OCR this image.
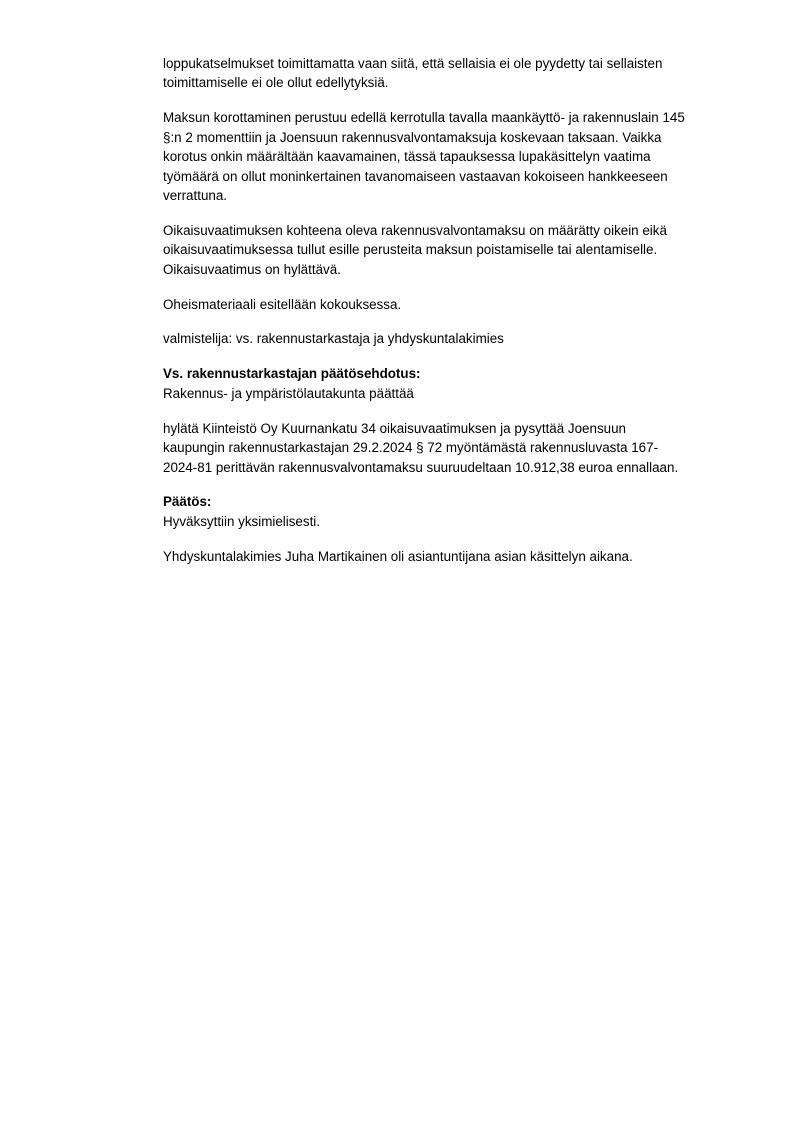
loppukatselmukset toimittamatta vaan siitä, että sellaisia ei ole pyydetty tai sellaisten
toimittamiselle ei ole ollut edellytyksiä.

Maksun korottaminen perustuu edellä kerrotulla tavalla maankäyttö- ja rakennuslain 145
§:n 2 momenttiin ja Joensuun rakennusvalvontamaksuja koskevaan taksaan. Vaikka
korotus onkin määrältään kaavamainen, tässä tapauksessa lupakäsittelyn vaatima
työmäärä on ollut moninkertainen tavanomaiseen vastaavan kokoiseen hankkeeseen
verrattuna.

Oikaisuvaatimuksen kohteena oleva rakennusvalvontamaksu on määrätty oikein eikä
oikaisuvaatimuksessa tullut esille perusteita maksun poistamiselle tai alentamiselle.
Oikaisuvaatimus on hylättävä.

Oheismateriaali esitellään kokouksessa.

valmistelija: vs. rakennustarkastaja ja yhdyskuntalakimies

Vs. rakennustarkastajan päätösehdotus:

Rakennus- ja ympäristölautakunta päättää

hylätä Kiinteistö Oy Kuurnankatu 34 oikaisuvaatimuksen ja pysyttää Joensuun
kaupungin rakennustarkastajan 29.2.2024 § 72 myöntämästä rakennusluvasta 167-
2024-81 perittävän rakennusvalvontamaksu suuruudeltaan 10.912,38 euroa ennallaan.

Päätös:

Hyväksyttiin yksimielisesti.

Yhdyskuntalakimies Juha Martikainen oli asiantuntijana asian käsittelyn aikana.
